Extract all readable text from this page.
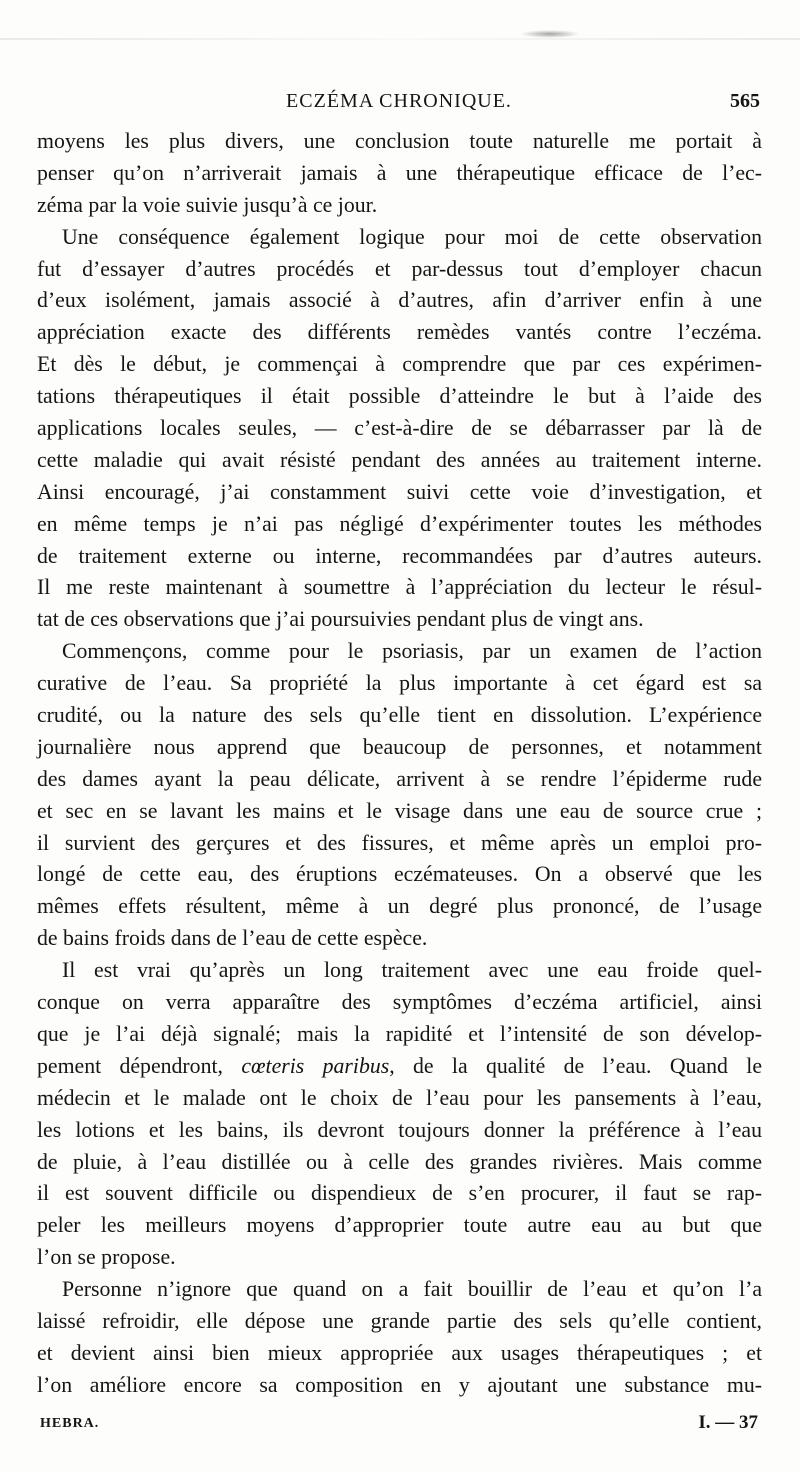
ECZÉMA CHRONIQUE.	565
moyens les plus divers, une conclusion toute naturelle me portait à
penser qu’on n’arriverait jamais à une thérapeutique efficace de l’ec-
zéma par la voie suivie jusqu’à ce jour.
Une conséquence également logique pour moi de cette observation
fut d’essayer d’autres procédés et par-dessus tout d’employer chacun
d’eux isolément, jamais associé à d’autres, afin d’arriver enfin à une
appréciation exacte des différents remèdes vantés contre l’eczéma.
Et dès le début, je commençai à comprendre que par ces expérimen-
tations thérapeutiques il était possible d’atteindre le but à l’aide des
applications locales seules, — c’est-à-dire de se débarrasser par là de
cette maladie qui avait résisté pendant des années au traitement interne.
Ainsi encouragé, j’ai constamment suivi cette voie d’investigation, et
en même temps je n’ai pas négligé d’expérimenter toutes les méthodes
de traitement externe ou interne, recommandées par d’autres auteurs.
Il me reste maintenant à soumettre à l’appréciation du lecteur le résul-
tat de ces observations que j’ai poursuivies pendant plus de vingt ans.
Commençons, comme pour le psoriasis, par un examen de l’action
curative de l’eau. Sa propriété la plus importante à cet égard est sa
crudité, ou la nature des sels qu’elle tient en dissolution. L’expérience
journalière nous apprend que beaucoup de personnes, et notamment
des dames ayant la peau délicate, arrivent à se rendre l’épiderme rude
et sec en se lavant les mains et le visage dans une eau de source crue ;
il survient des gerçures et des fissures, et même après un emploi pro-
longé de cette eau, des éruptions eczémateuses. On a observé que les
mêmes effets résultent, même à un degré plus prononcé, de l’usage
de bains froids dans de l’eau de cette espèce.
Il est vrai qu’après un long traitement avec une eau froide quel-
conque on verra apparaître des symptômes d’eczéma artificiel, ainsi
que je l’ai déjà signalé; mais la rapidité et l’intensité de son dévelop-
pement dépendront, cœteris paribus, de la qualité de l’eau. Quand le
médecin et le malade ont le choix de l’eau pour les pansements à l’eau,
les lotions et les bains, ils devront toujours donner la préférence à l’eau
de pluie, à l’eau distillée ou à celle des grandes rivières. Mais comme
il est souvent difficile ou dispendieux de s’en procurer, il faut se rap-
peler les meilleurs moyens d’approprier toute autre eau au but que
l’on se propose.
Personne n’ignore que quand on a fait bouillir de l’eau et qu’on l’a
laissé refroidir, elle dépose une grande partie des sels qu’elle contient,
et devient ainsi bien mieux appropriée aux usages thérapeutiques ; et
l’on améliore encore sa composition en y ajoutant une substance mu-
HEBRA.	I. — 37
